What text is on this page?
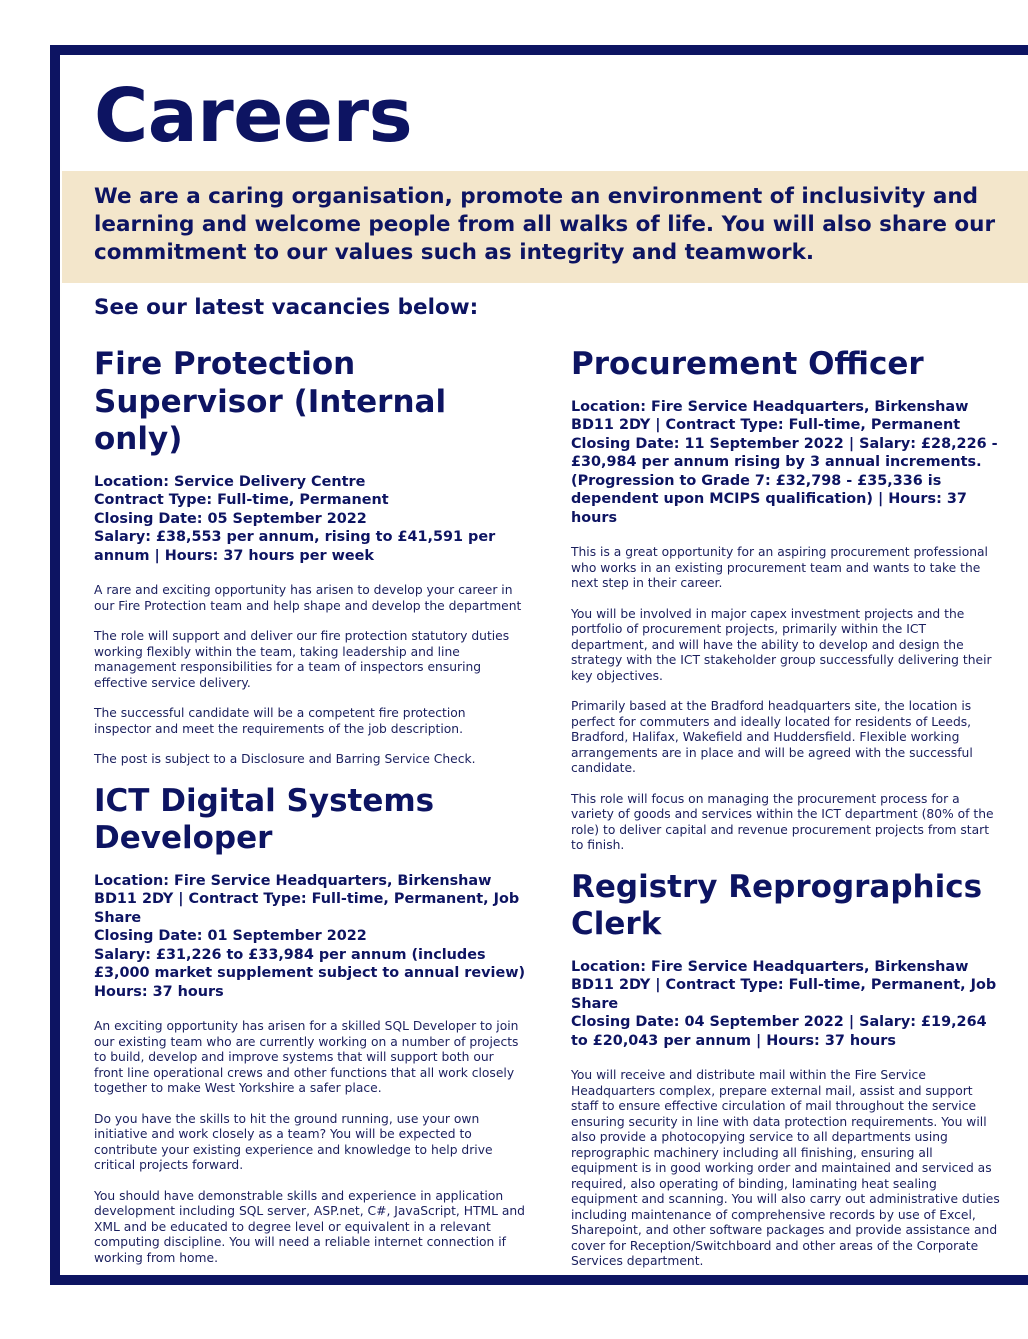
Careers

We are a caring organisation, promote an environment of inclusivity and learning and welcome people from all walks of life. You will also share our commitment to our values such as integrity and teamwork.

See our latest vacancies below:

Fire Protection Supervisor (Internal only)
Location: Service Delivery Centre
Contract Type: Full-time, Permanent
Closing Date: 05 September 2022
Salary: £38,553 per annum, rising to £41,591 per annum | Hours: 37 hours per week

A rare and exciting opportunity has arisen to develop your career in our Fire Protection team and help shape and develop the department

The role will support and deliver our fire protection statutory duties working flexibly within the team, taking leadership and line management responsibilities for a team of inspectors ensuring effective service delivery.

The successful candidate will be a competent fire protection inspector and meet the requirements of the job description.

The post is subject to a Disclosure and Barring Service Check.

ICT Digital Systems Developer
Location: Fire Service Headquarters, Birkenshaw BD11 2DY | Contract Type: Full-time, Permanent, Job Share
Closing Date: 01 September 2022
Salary: £31,226 to £33,984 per annum (includes £3,000 market supplement subject to annual review)
Hours: 37 hours

An exciting opportunity has arisen for a skilled SQL Developer to join our existing team who are currently working on a number of projects to build, develop and improve systems that will support both our front line operational crews and other functions that all work closely together to make West Yorkshire a safer place.

Do you have the skills to hit the ground running, use your own initiative and work closely as a team? You will be expected to contribute your existing experience and knowledge to help drive critical projects forward.

You should have demonstrable skills and experience in application development including SQL server, ASP.net, C#, JavaScript, HTML and XML and be educated to degree level or equivalent in a relevant computing discipline. You will need a reliable internet connection if working from home.

Procurement Officer
Location: Fire Service Headquarters, Birkenshaw BD11 2DY | Contract Type: Full-time, Permanent
Closing Date: 11 September 2022 | Salary: £28,226 - £30,984 per annum rising by 3 annual increments. (Progression to Grade 7: £32,798 - £35,336 is dependent upon MCIPS qualification) | Hours: 37 hours

This is a great opportunity for an aspiring procurement professional who works in an existing procurement team and wants to take the next step in their career.

You will be involved in major capex investment projects and the portfolio of procurement projects, primarily within the ICT department, and will have the ability to develop and design the strategy with the ICT stakeholder group successfully delivering their key objectives.

Primarily based at the Bradford headquarters site, the location is perfect for commuters and ideally located for residents of Leeds, Bradford, Halifax, Wakefield and Huddersfield. Flexible working arrangements are in place and will be agreed with the successful candidate.

This role will focus on managing the procurement process for a variety of goods and services within the ICT department (80% of the role) to deliver capital and revenue procurement projects from start to finish.

Registry Reprographics Clerk
Location: Fire Service Headquarters, Birkenshaw BD11 2DY | Contract Type: Full-time, Permanent, Job Share
Closing Date: 04 September 2022 | Salary: £19,264 to £20,043 per annum | Hours: 37 hours

You will receive and distribute mail within the Fire Service Headquarters complex, prepare external mail, assist and support staff to ensure effective circulation of mail throughout the service ensuring security in line with data protection requirements. You will also provide a photocopying service to all departments using reprographic machinery including all finishing, ensuring all equipment is in good working order and maintained and serviced as required, also operating of binding, laminating heat sealing equipment and scanning. You will also carry out administrative duties including maintenance of comprehensive records by use of Excel, Sharepoint, and other software packages and provide assistance and cover for Reception/Switchboard and other areas of the Corporate Services department.
